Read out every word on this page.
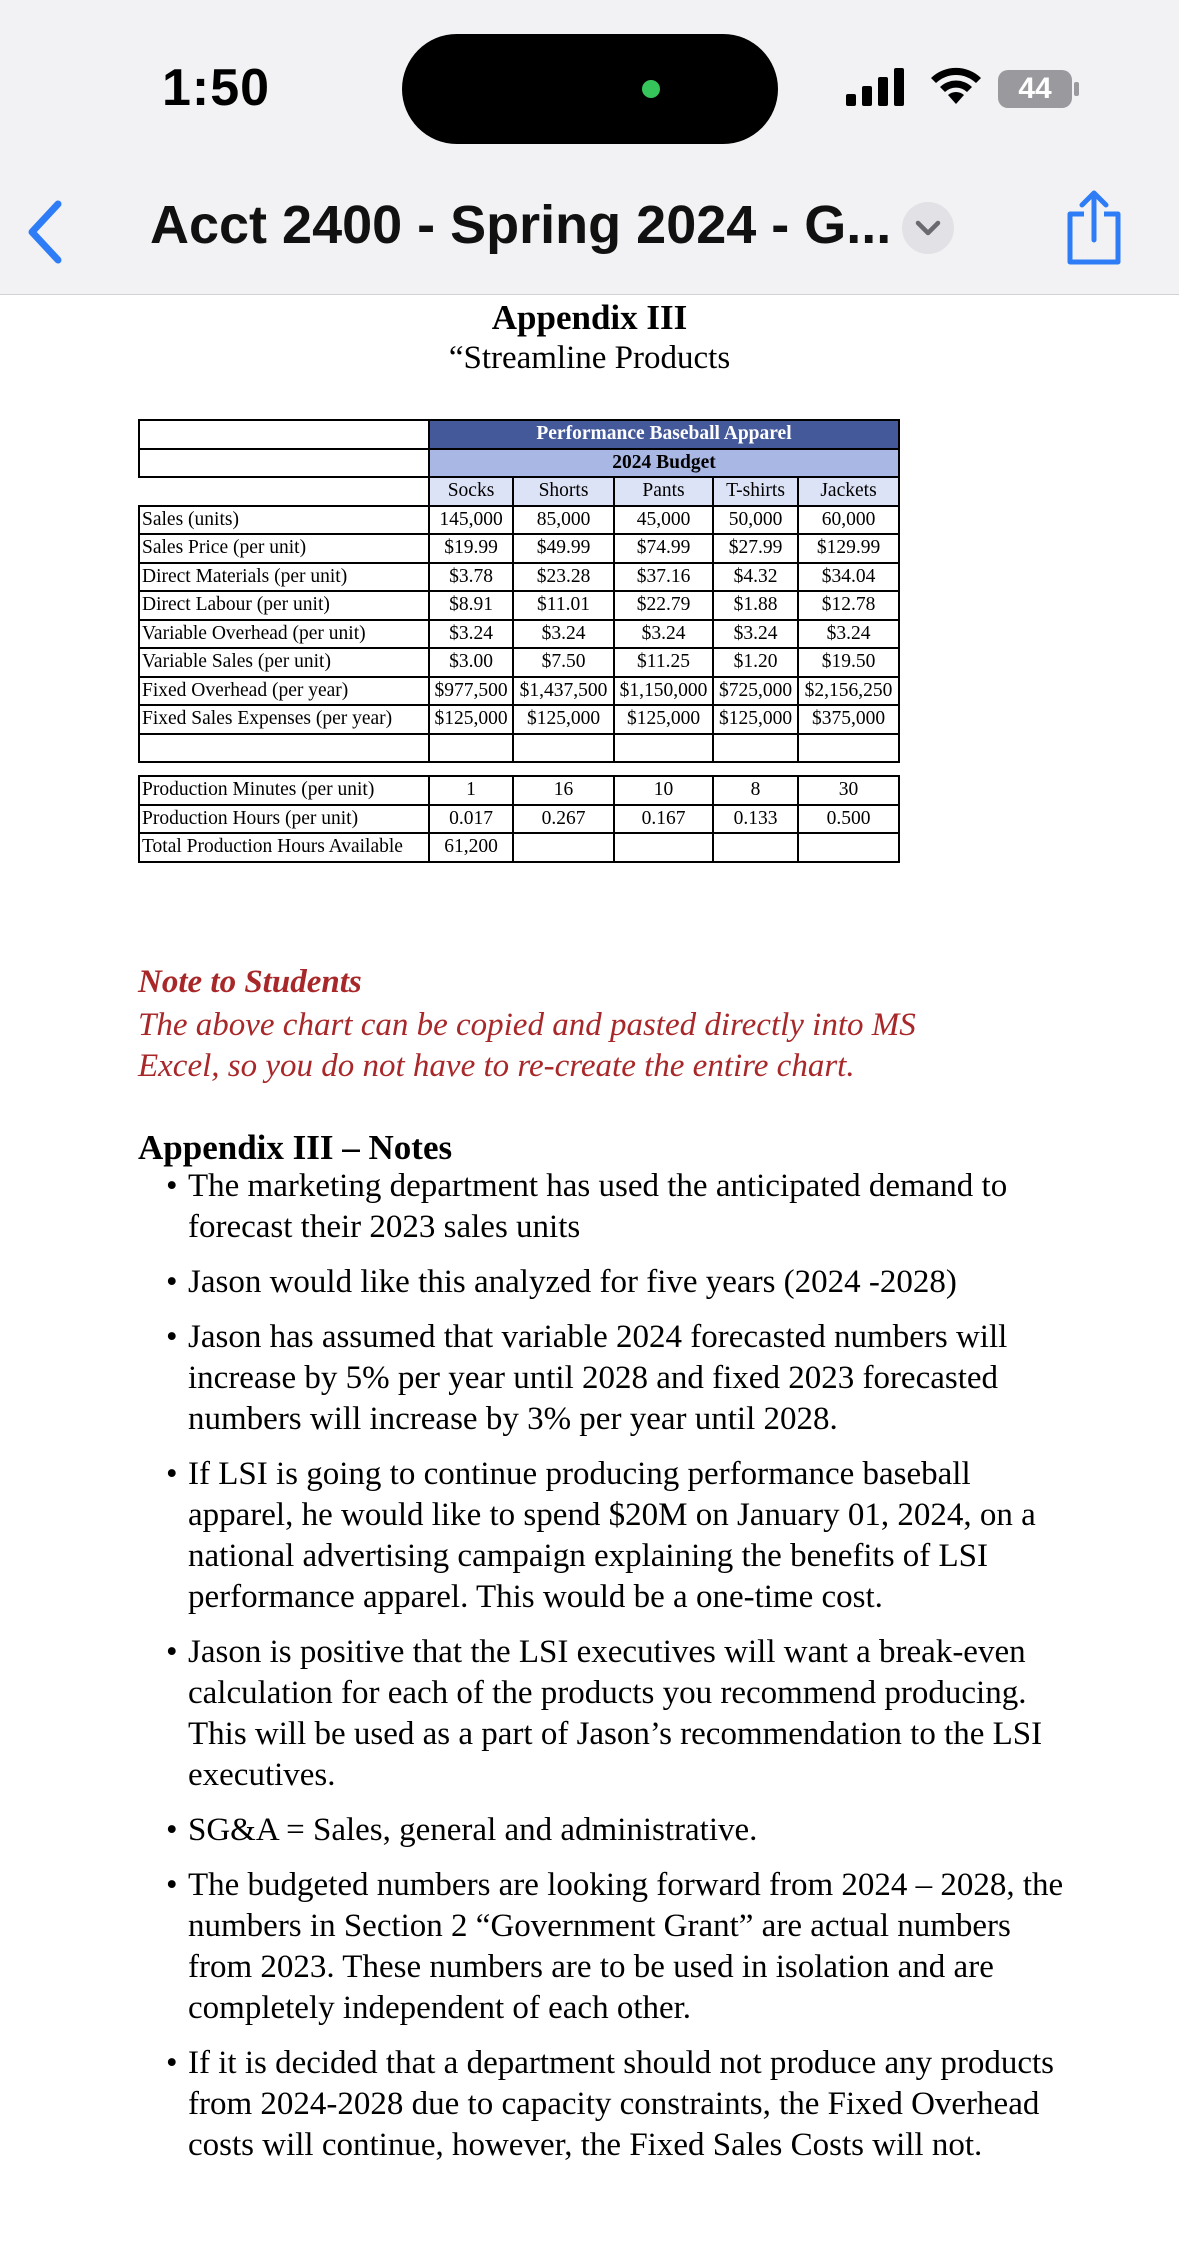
1:50	44
Acct 2400 - Spring 2024 - G...
Appendix III
“Streamline Products
	Performance Baseball Apparel				
	2024 Budget				
	Socks	Shorts	Pants	T-shirts	Jackets
Sales (units)	145,000	85,000	45,000	50,000	60,000
Sales Price (per unit)	$19.99	$49.99	$74.99	$27.99	$129.99
Direct Materials (per unit)	$3.78	$23.28	$37.16	$4.32	$34.04
Direct Labour (per unit)	$8.91	$11.01	$22.79	$1.88	$12.78
Variable Overhead (per unit)	$3.24	$3.24	$3.24	$3.24	$3.24
Variable Sales (per unit)	$3.00	$7.50	$11.25	$1.20	$19.50
Fixed Overhead (per year)	$977,500	$1,437,500	$1,150,000	$725,000	$2,156,250
Fixed Sales Expenses (per year)	$125,000	$125,000	$125,000	$125,000	$375,000

Production Minutes (per unit)	1	16	10	8	30
Production Hours (per unit)	0.017	0.267	0.167	0.133	0.500
Total Production Hours Available	61,200				
Note to Students
The above chart can be copied and pasted directly into MS
Excel, so you do not have to re-create the entire chart.
Appendix III – Notes
• The marketing department has used the anticipated demand to forecast their 2023 sales units
• Jason would like this analyzed for five years (2024 -2028)
• Jason has assumed that variable 2024 forecasted numbers will increase by 5% per year until 2028 and fixed 2023 forecasted numbers will increase by 3% per year until 2028.
• If LSI is going to continue producing performance baseball apparel, he would like to spend $20M on January 01, 2024, on a national advertising campaign explaining the benefits of LSI performance apparel. This would be a one-time cost.
• Jason is positive that the LSI executives will want a break-even calculation for each of the products you recommend producing. This will be used as a part of Jason’s recommendation to the LSI executives.
• SG&A = Sales, general and administrative.
• The budgeted numbers are looking forward from 2024 – 2028, the numbers in Section 2 “Government Grant” are actual numbers from 2023. These numbers are to be used in isolation and are completely independent of each other.
• If it is decided that a department should not produce any products from 2024-2028 due to capacity constraints, the Fixed Overhead costs will continue, however, the Fixed Sales Costs will not.
